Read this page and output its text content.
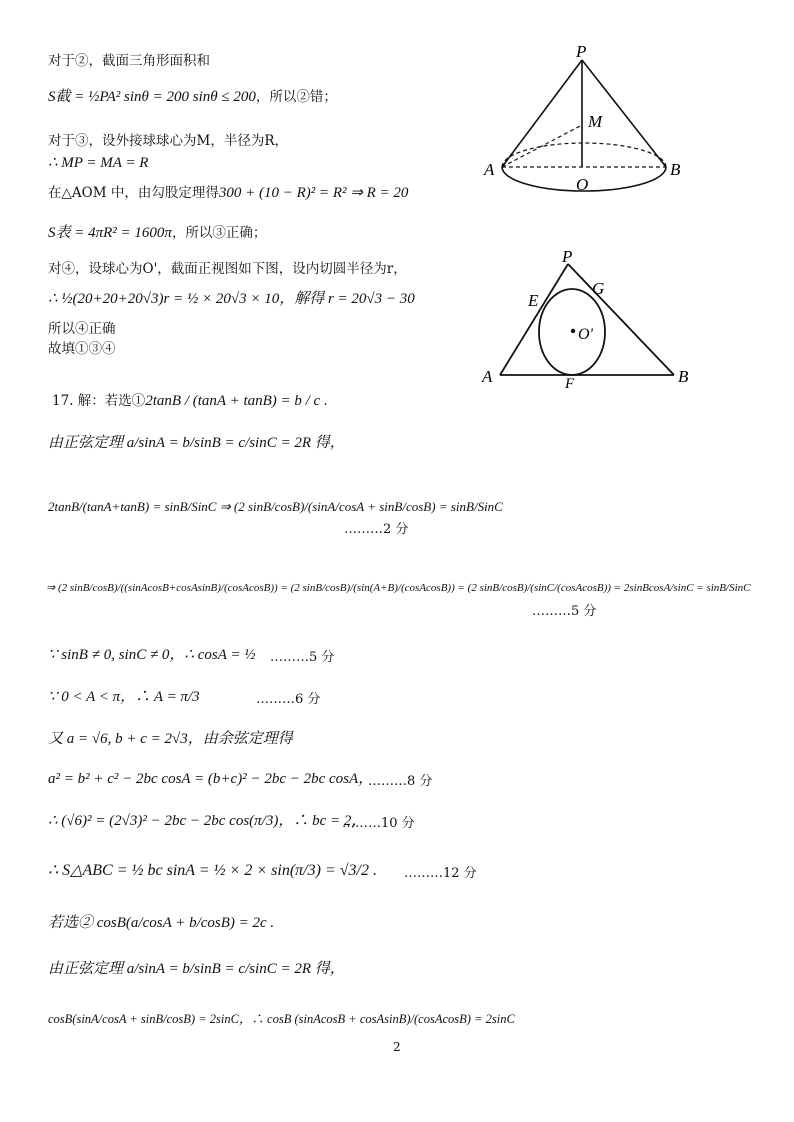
对于②，截面三角形面积和
S截 = ½PA² sinθ = 200 sinθ ≤ 200，所以②错；
对于③，设外接球球心为M，半径为R，
∴ MP = MA = R
在△AOM 中，由勾股定理得300 + (10 − R)² = R² ⇒ R = 20
S表 = 4πR² = 1600π，所以③正确；
对④，设球心为O'，截面正视图如下图，设内切圆半径为r，
∴ ½(20+20+20√3)r = ½ × 20√3 × 10，解得 r = 20√3 − 30
所以④正确
故填①③④
P
M
A
O
B
P
E
G
O'
A	F	B
17. 解：若选①2tanB / (tanA + tanB) = b / c .
由正弦定理 a/sinA = b/sinB = c/sinC = 2R 得，
2tanB/(tanA+tanB) = sinB/SinC ⇒ (2 sinB/cosB)/(sinA/cosA + sinB/cosB) = sinB/SinC
………2 分
⇒ (2 sinB/cosB)/((sinAcosB+cosAsinB)/(cosAcosB)) = (2 sinB/cosB)/(sin(A+B)/(cosAcosB)) = (2 sinB/cosB)/(sinC/(cosAcosB)) = 2sinBcosA/sinC = sinB/SinC
………5 分
∵ sinB ≠ 0, sinC ≠ 0，∴ cosA = ½ ………5 分
∵ 0 < A < π，∴ A = π/3	………6 分
又 a = √6, b + c = 2√3，由余弦定理得
a² = b² + c² − 2bc cosA = (b+c)² − 2bc − 2bc cosA，
………8 分
∴ (√6)² = (2√3)² − 2bc − 2bc cos(π/3)，∴ bc = 2，
………10 分
∴ S△ABC = ½ bc sinA = ½ × 2 × sin(π/3) = √3/2 . ………12 分
若选② cosB(a/cosA + b/cosB) = 2c .
由正弦定理 a/sinA = b/sinB = c/sinC = 2R 得，
cosB(sinA/cosA + sinB/cosB) = 2sinC，∴ cosB (sinAcosB + cosAsinB)/(cosAcosB) = 2sinC
2
